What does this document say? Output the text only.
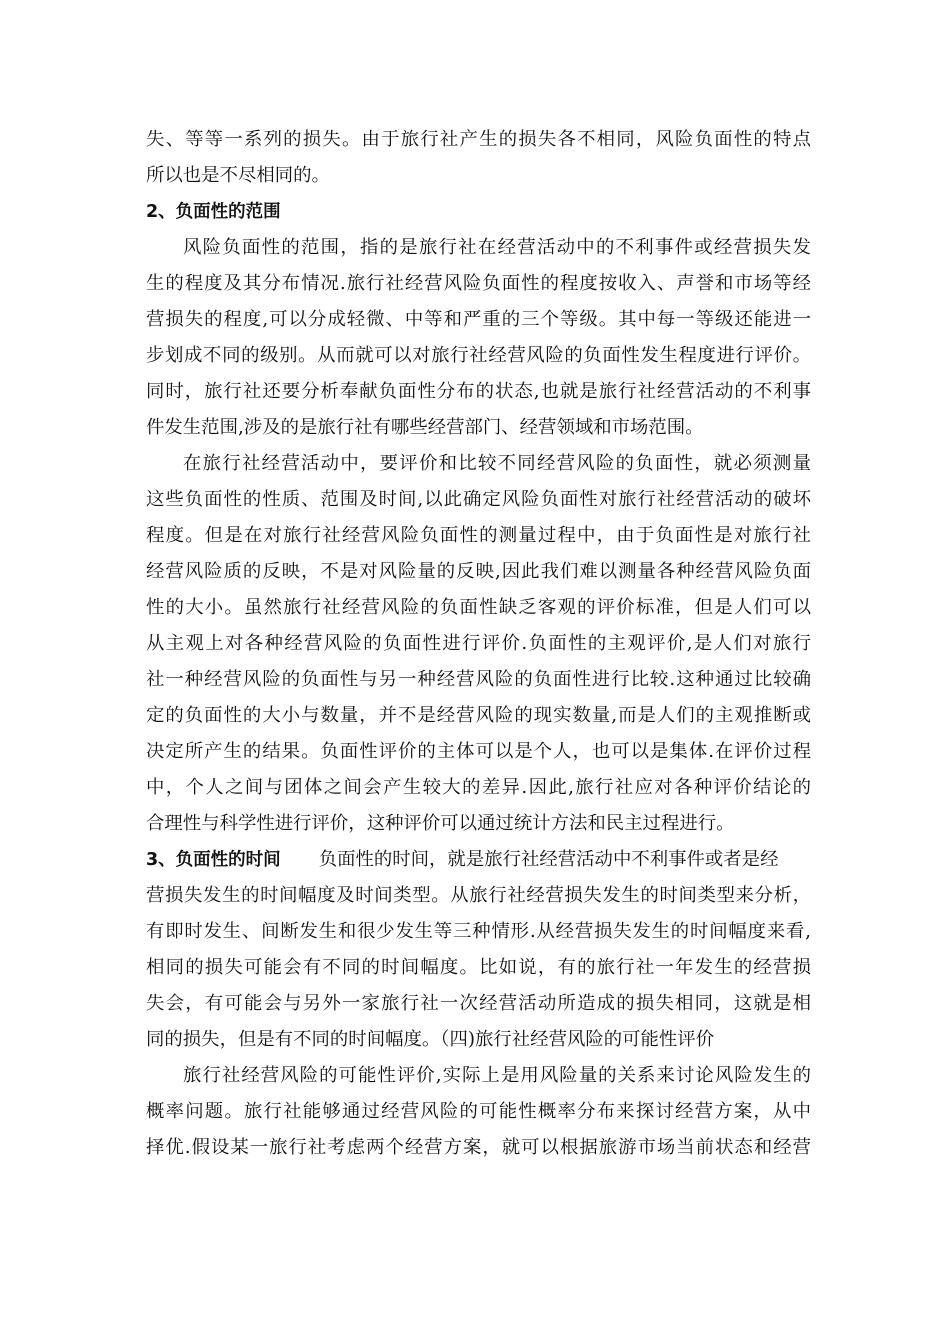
失、等等一系列的损失。由于旅行社产生的损失各不相同，风险负面性的特点
所以也是不尽相同的。
2、负面性的范围
风险负面性的范围，指的是旅行社在经营活动中的不利事件或经营损失发
生的程度及其分布情况.旅行社经营风险负面性的程度按收入、声誉和市场等经
营损失的程度,可以分成轻微、中等和严重的三个等级。其中每一等级还能进一
步划成不同的级别。从而就可以对旅行社经营风险的负面性发生程度进行评价。
同时，旅行社还要分析奉献负面性分布的状态,也就是旅行社经营活动的不利事
件发生范围,涉及的是旅行社有哪些经营部门、经营领域和市场范围。
在旅行社经营活动中，要评价和比较不同经营风险的负面性，就必须测量
这些负面性的性质、范围及时间,以此确定风险负面性对旅行社经营活动的破坏
程度。但是在对旅行社经营风险负面性的测量过程中，由于负面性是对旅行社
经营风险质的反映，不是对风险量的反映,因此我们难以测量各种经营风险负面
性的大小。虽然旅行社经营风险的负面性缺乏客观的评价标准，但是人们可以
从主观上对各种经营风险的负面性进行评价.负面性的主观评价,是人们对旅行
社一种经营风险的负面性与另一种经营风险的负面性进行比较.这种通过比较确
定的负面性的大小与数量，并不是经营风险的现实数量,而是人们的主观推断或
决定所产生的结果。负面性评价的主体可以是个人，也可以是集体.在评价过程
中，个人之间与团体之间会产生较大的差异.因此,旅行社应对各种评价结论的
合理性与科学性进行评价，这种评价可以通过统计方法和民主过程进行。
3、负面性的时间 负面性的时间，就是旅行社经营活动中不利事件或者是经
营损失发生的时间幅度及时间类型。从旅行社经营损失发生的时间类型来分析，
有即时发生、间断发生和很少发生等三种情形.从经营损失发生的时间幅度来看,
相同的损失可能会有不同的时间幅度。比如说，有的旅行社一年发生的经营损
失会，有可能会与另外一家旅行社一次经营活动所造成的损失相同，这就是相
同的损失，但是有不同的时间幅度。（四)旅行社经营风险的可能性评价
旅行社经营风险的可能性评价,实际上是用风险量的关系来讨论风险发生的
概率问题。旅行社能够通过经营风险的可能性概率分布来探讨经营方案，从中
择优.假设某一旅行社考虑两个经营方案，就可以根据旅游市场当前状态和经营
